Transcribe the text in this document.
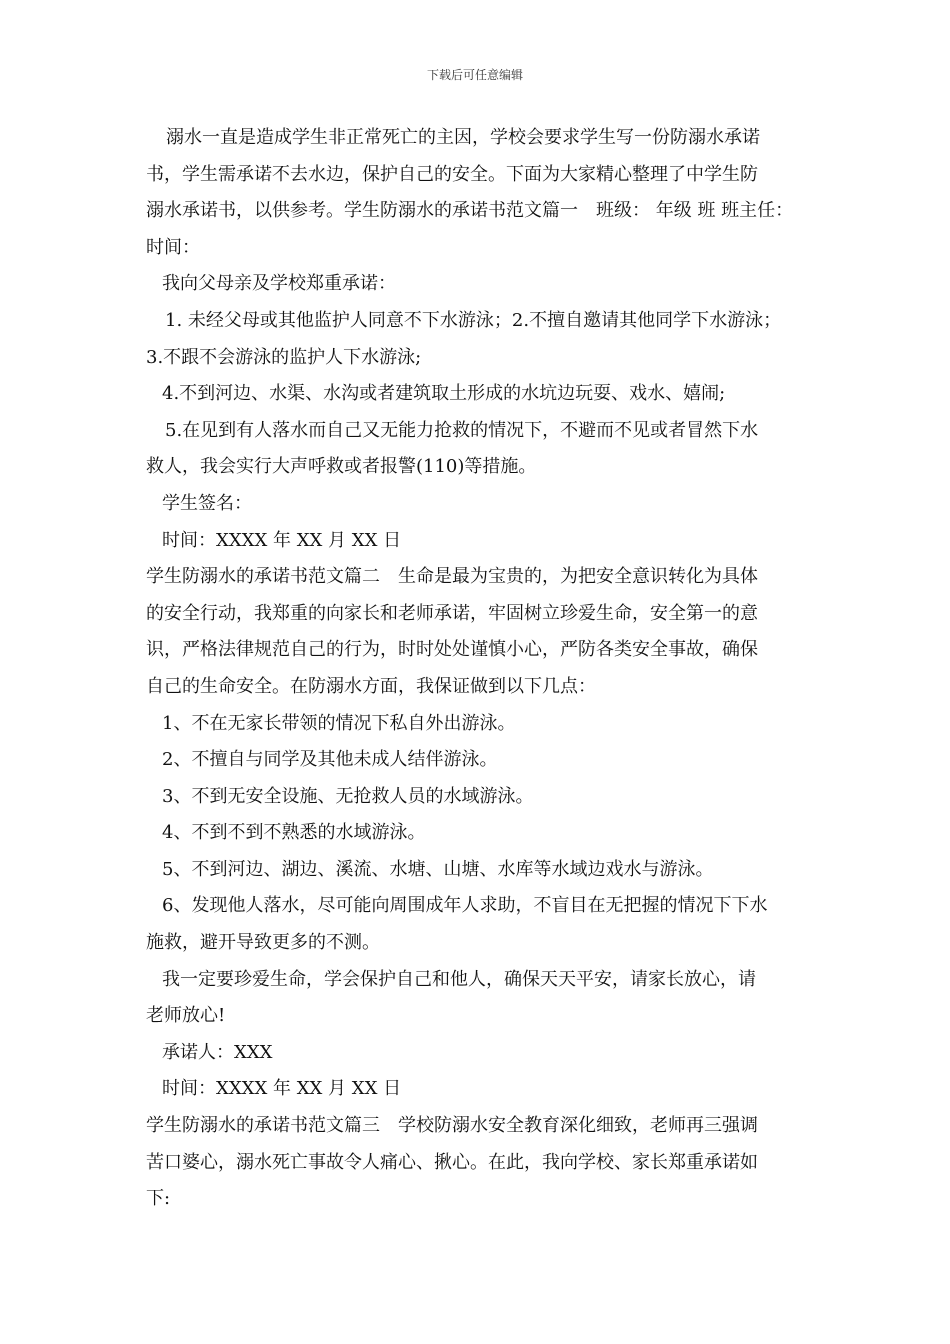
下载后可任意编辑
　溺水一直是造成学生非正常死亡的主因，学校会要求学生写一份防溺水承诺
书，学生需承诺不去水边，保护自己的安全。下面为大家精心整理了中学生防
溺水承诺书，以供参考。学生防溺水的承诺书范文篇一　班级： 年级 班 班主任：
时间：
我向父母亲及学校郑重承诺：
1. 未经父母或其他监护人同意不下水游泳；2.不擅自邀请其他同学下水游泳；
3.不跟不会游泳的监护人下水游泳;
4.不到河边、水渠、水沟或者建筑取土形成的水坑边玩耍、戏水、嬉闹;
5.在见到有人落水而自己又无能力抢救的情况下，不避而不见或者冒然下水
救人，我会实行大声呼救或者报警(110)等措施。
学生签名：
时间：XXXX 年 XX 月 XX 日
学生防溺水的承诺书范文篇二　生命是最为宝贵的，为把安全意识转化为具体
的安全行动，我郑重的向家长和老师承诺，牢固树立珍爱生命，安全第一的意
识，严格法律规范自己的行为，时时处处谨慎小心，严防各类安全事故，确保
自己的生命安全。在防溺水方面，我保证做到以下几点：
1、不在无家长带领的情况下私自外出游泳。
2、不擅自与同学及其他未成人结伴游泳。
3、不到无安全设施、无抢救人员的水域游泳。
4、不到不到不熟悉的水域游泳。
5、不到河边、湖边、溪流、水塘、山塘、水库等水域边戏水与游泳。
6、发现他人落水，尽可能向周围成年人求助，不盲目在无把握的情况下下水
施救，避开导致更多的不测。
我一定要珍爱生命，学会保护自己和他人，确保天天平安，请家长放心，请
老师放心!
承诺人：XXX
时间：XXXX 年 XX 月 XX 日
学生防溺水的承诺书范文篇三　学校防溺水安全教育深化细致，老师再三强调
苦口婆心，溺水死亡事故令人痛心、揪心。在此，我向学校、家长郑重承诺如
下:
